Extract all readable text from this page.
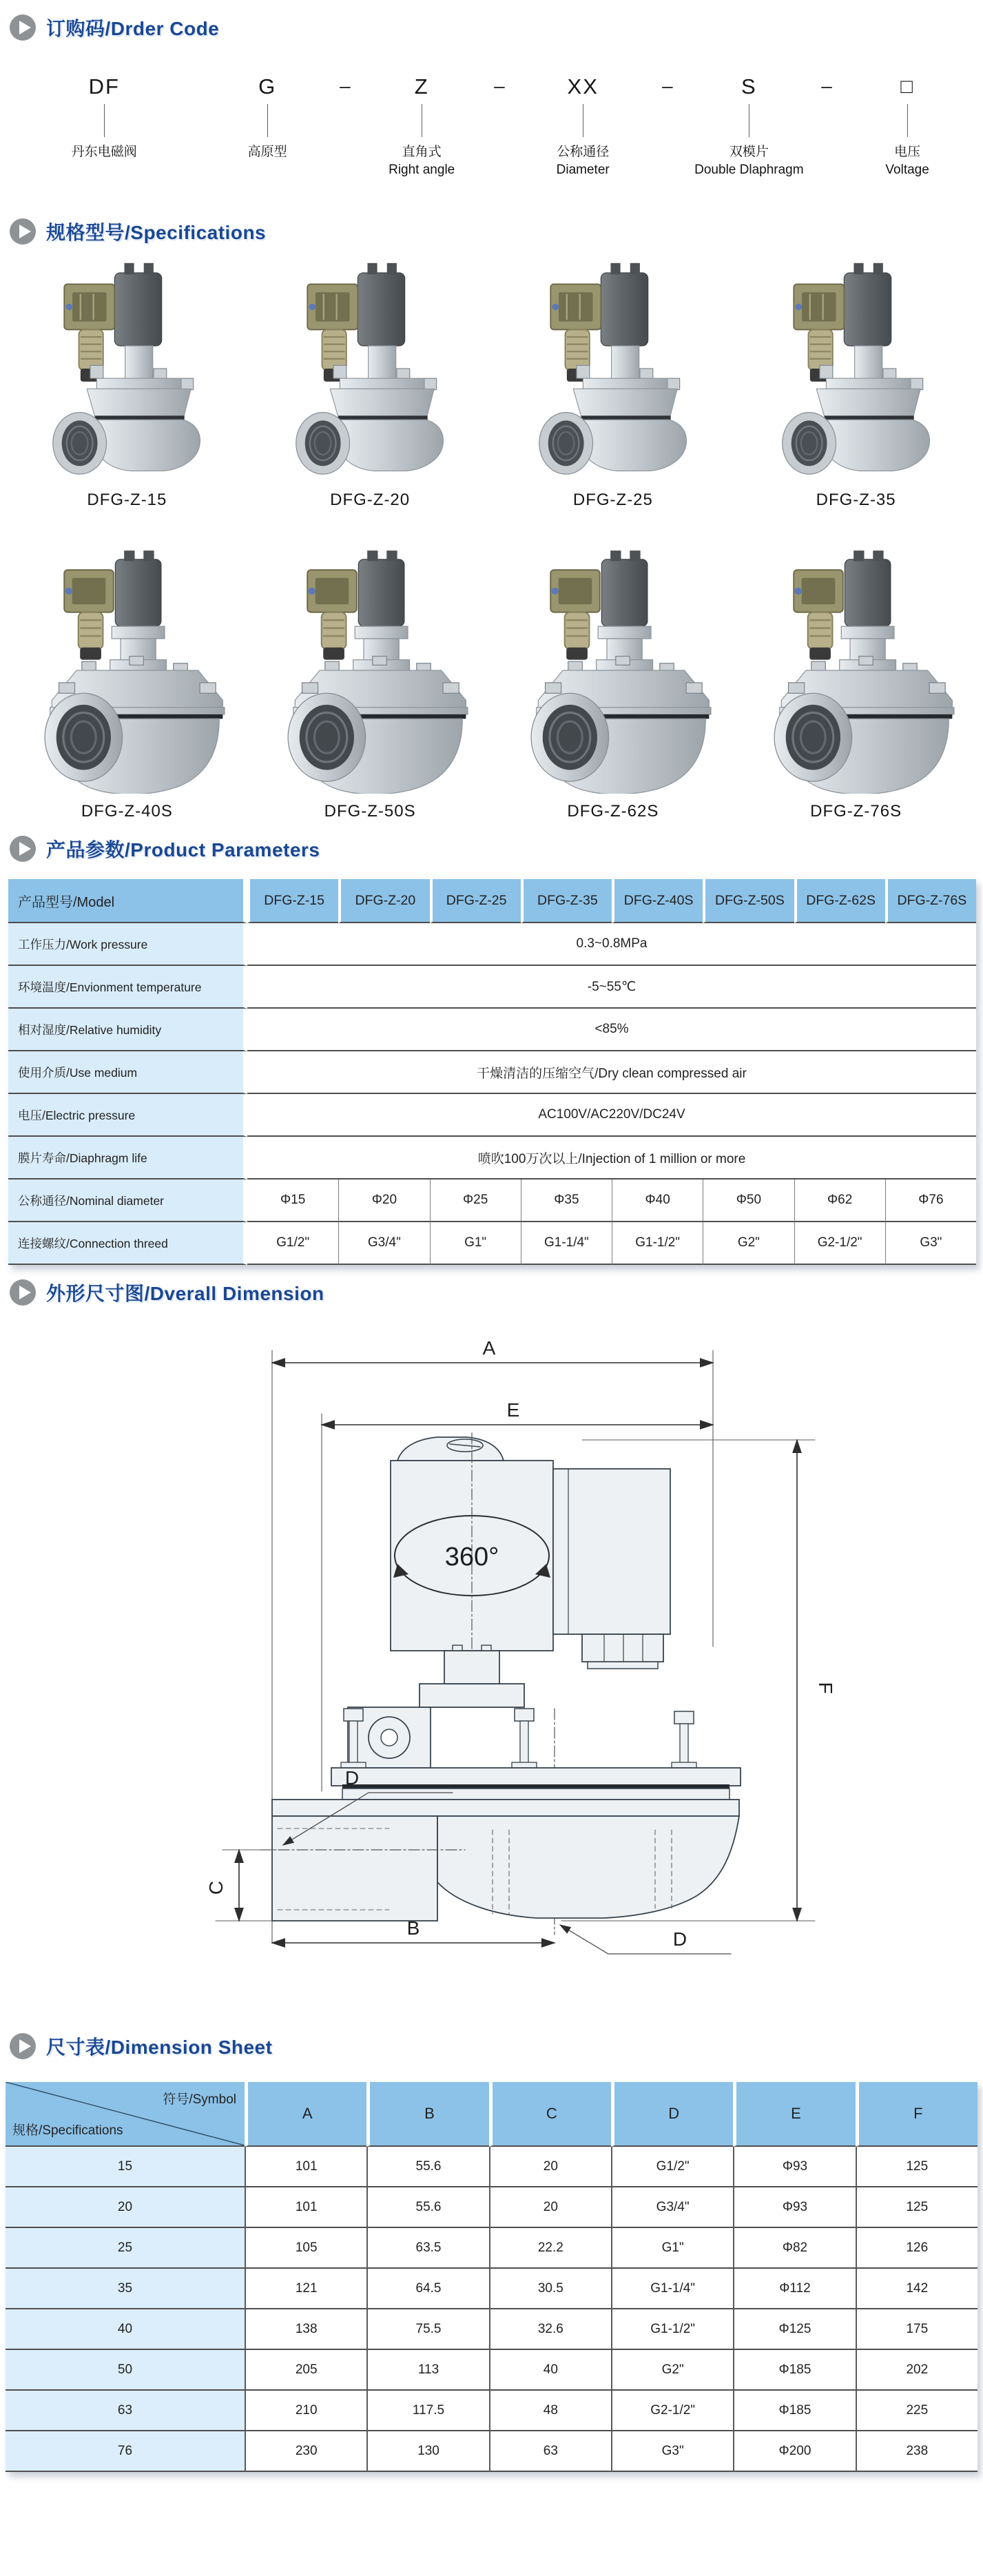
订购码/Drder Code
DF
丹东电磁阀
G
高原型
Z
直角式
Right angle
XX
公称通径
Diameter
S
双模片
Double Dlaphragm
□
电压
Voltage
–	–	–	–
规格型号/Specifications
DFG-Z-15	DFG-Z-20	DFG-Z-25	DFG-Z-35
DFG-Z-40S	DFG-Z-50S	DFG-Z-62S	DFG-Z-76S
产品参数/Product Parameters
产品型号/Model	DFG-Z-15	DFG-Z-20	DFG-Z-25	DFG-Z-35	DFG-Z-40S	DFG-Z-50S	DFG-Z-62S	DFG-Z-76S
工作压力/Work pressure	0.3~0.8MPa							
环境温度/Envionment temperature	-5~55℃							
相对湿度/Relative humidity	<85%							
使用介质/Use medium	干燥清洁的压缩空气/Dry clean compressed air							
电压/Electric pressure	AC100V/AC220V/DC24V							
膜片寿命/Diaphragm life	喷吹100万次以上/Injection of 1 million or more							
公称通径/Nominal diameter	Φ15	Φ20	Φ25	Φ35	Φ40	Φ50	Φ62	Φ76
连接螺纹/Connection threed	G1/2"	G3/4"	G1"	G1-1/4"	G1-1/2"	G2"	G2-1/2"	G3"
外形尺寸图/Dverall Dimension
A
E
360°
F
C
D
B
D
尺寸表/Dimension Sheet
符号/Symbol
规格/Specifications	A	B	C	D	E	F
15	101	55.6	20	G1/2"	Φ93	125
20	101	55.6	20	G3/4"	Φ93	125
25	105	63.5	22.2	G1"	Φ82	126
35	121	64.5	30.5	G1-1/4"	Φ112	142
40	138	75.5	32.6	G1-1/2"	Φ125	175
50	205	113	40	G2"	Φ185	202
63	210	117.5	48	G2-1/2"	Φ185	225
76	230	130	63	G3"	Φ200	238
